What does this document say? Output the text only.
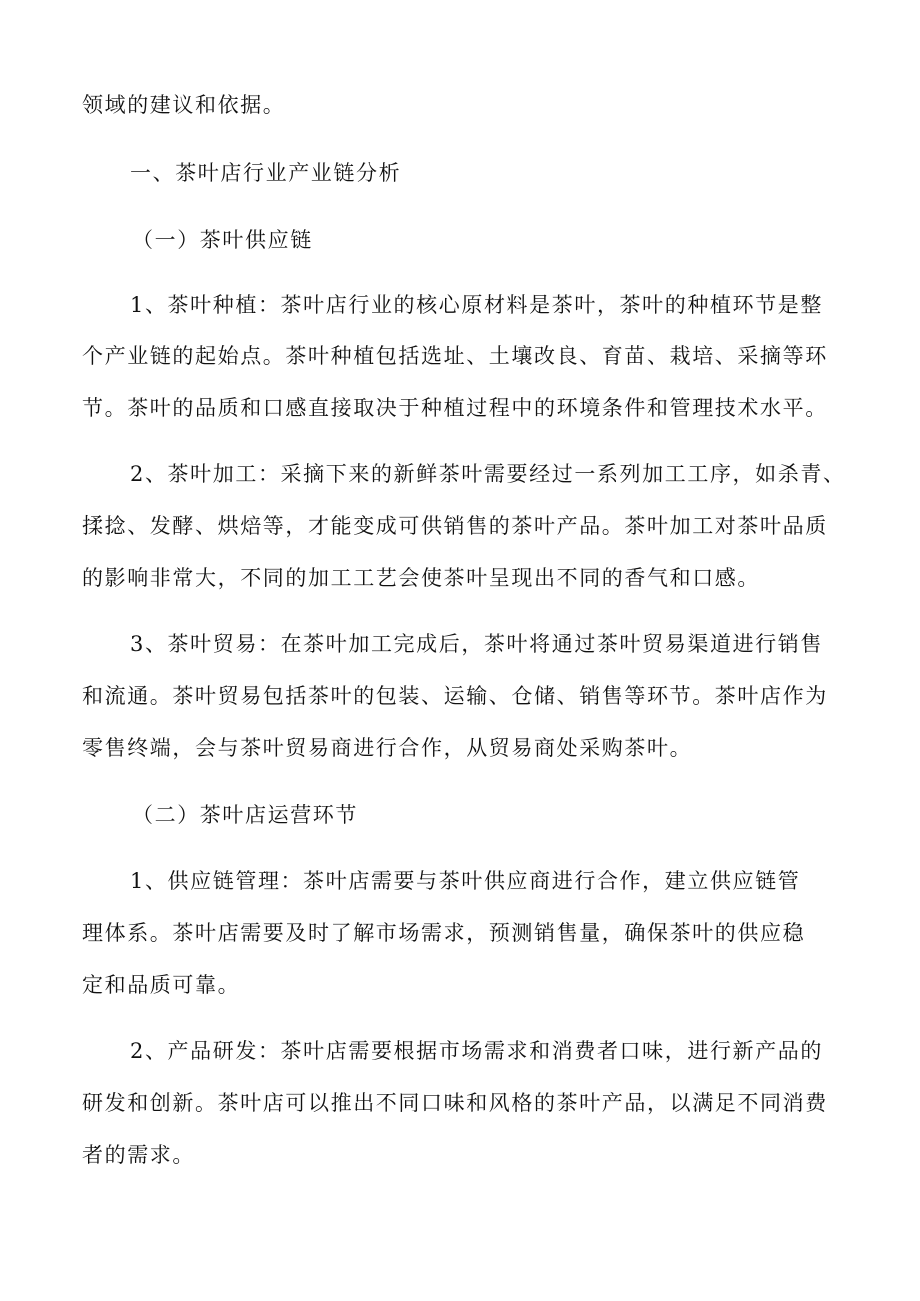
领域的建议和依据。
一、茶叶店行业产业链分析
（一）茶叶供应链
1、茶叶种植：茶叶店行业的核心原材料是茶叶，茶叶的种植环节是整
个产业链的起始点。茶叶种植包括选址、土壤改良、育苗、栽培、采摘等环
节。茶叶的品质和口感直接取决于种植过程中的环境条件和管理技术水平。
2、茶叶加工：采摘下来的新鲜茶叶需要经过一系列加工工序，如杀青、
揉捻、发酵、烘焙等，才能变成可供销售的茶叶产品。茶叶加工对茶叶品质
的影响非常大，不同的加工工艺会使茶叶呈现出不同的香气和口感。
3、茶叶贸易：在茶叶加工完成后，茶叶将通过茶叶贸易渠道进行销售
和流通。茶叶贸易包括茶叶的包装、运输、仓储、销售等环节。茶叶店作为
零售终端，会与茶叶贸易商进行合作，从贸易商处采购茶叶。
（二）茶叶店运营环节
1、供应链管理：茶叶店需要与茶叶供应商进行合作，建立供应链管
理体系。茶叶店需要及时了解市场需求，预测销售量，确保茶叶的供应稳
定和品质可靠。
2、产品研发：茶叶店需要根据市场需求和消费者口味，进行新产品的
研发和创新。茶叶店可以推出不同口味和风格的茶叶产品，以满足不同消费
者的需求。
